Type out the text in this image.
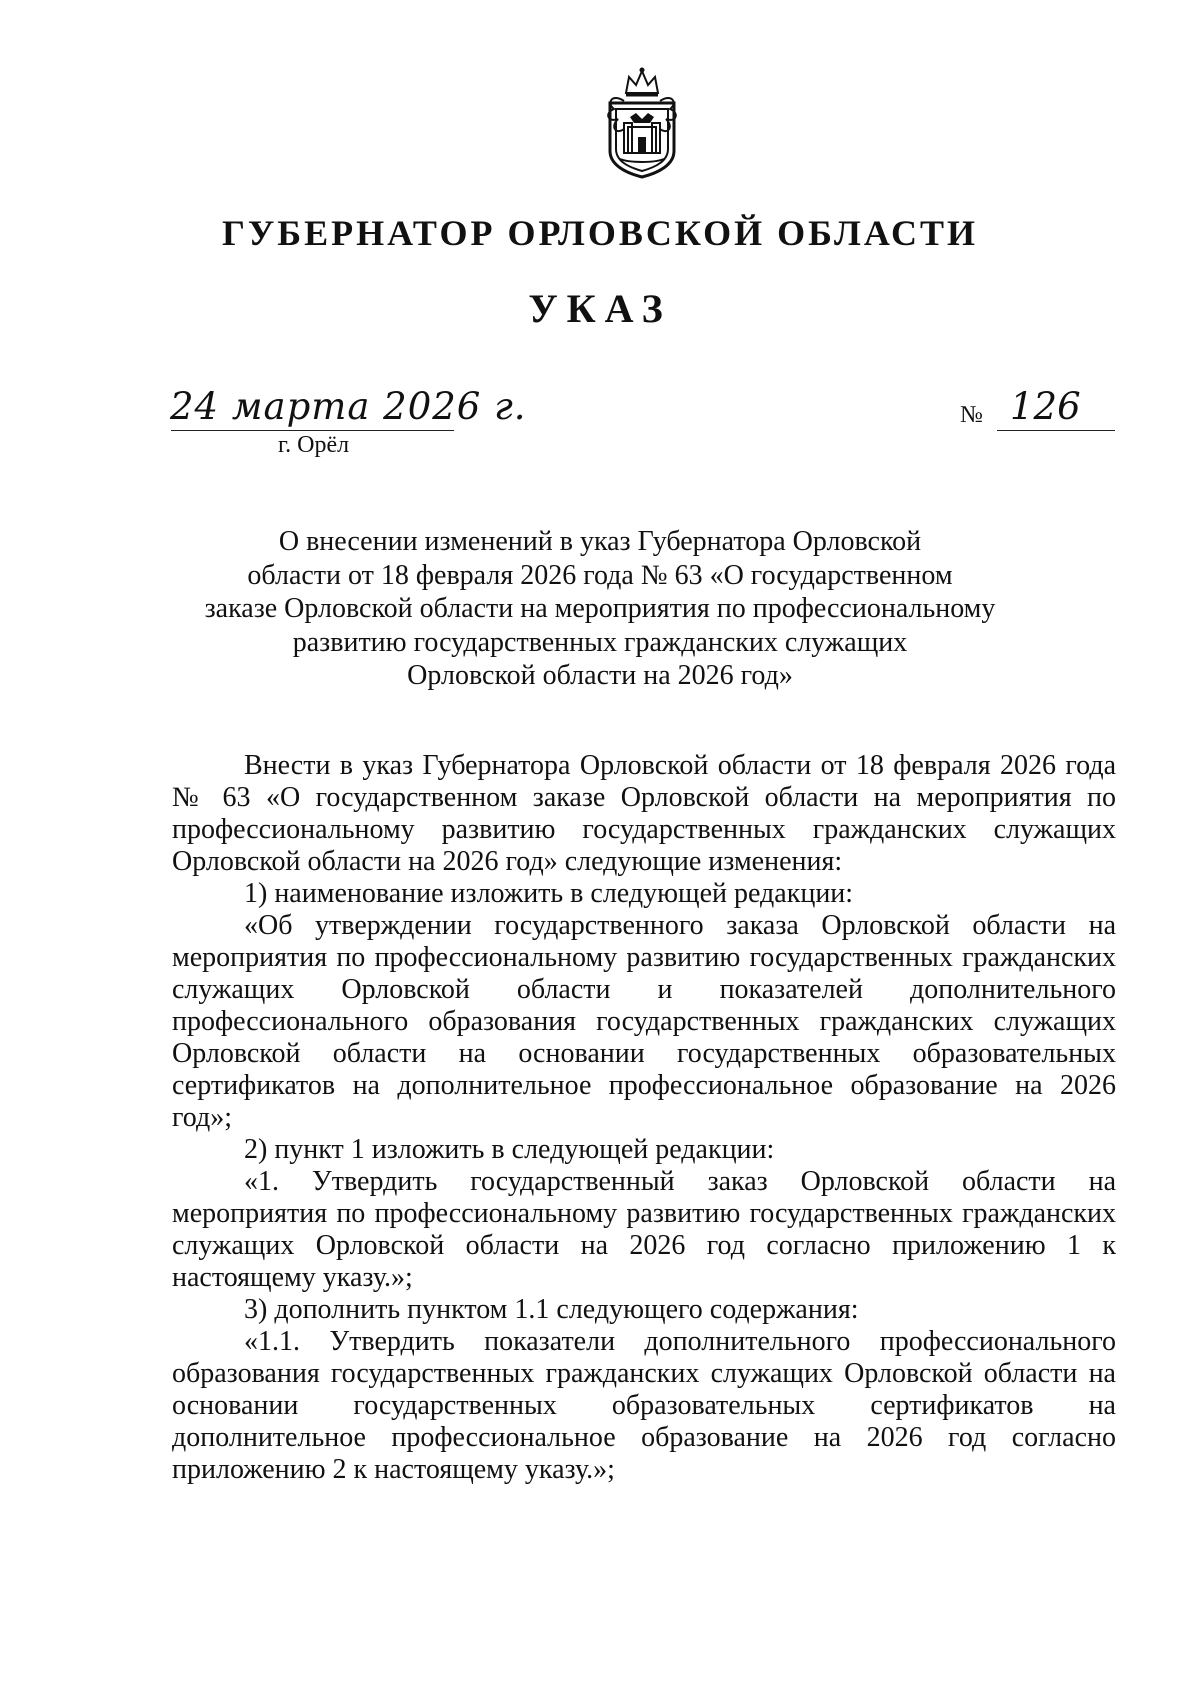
ГУБЕРНАТОР ОРЛОВСКОЙ ОБЛАСТИ
УКАЗ
24 марта 2026 г.
г. Орёл
№ 126
О внесении изменений в указ Губернатора Орловской
области от 18 февраля 2026 года № 63 «О государственном
заказе Орловской области на мероприятия по профессиональному
развитию государственных гражданских служащих
Орловской области на 2026 год»

Внести в указ Губернатора Орловской области от 18 февраля 2026 года № 63 «О государственном заказе Орловской области на мероприятия по профессиональному развитию государственных гражданских служащих Орловской области на 2026 год» следующие изменения:

1) наименование изложить в следующей редакции:

«Об утверждении государственного заказа Орловской области на мероприятия по профессиональному развитию государственных гражданских служащих Орловской области и показателей дополнительного профессионального образования государственных гражданских служащих Орловской области на основании государственных образовательных сертификатов на дополнительное профессиональное образование на 2026 год»;

2) пункт 1 изложить в следующей редакции:

«1. Утвердить государственный заказ Орловской области на мероприятия по профессиональному развитию государственных гражданских служащих Орловской области на 2026 год согласно приложению 1 к настоящему указу.»;

3) дополнить пунктом 1.1 следующего содержания:

«1.1. Утвердить показатели дополнительного профессионального образования государственных гражданских служащих Орловской области на основании государственных образовательных сертификатов на дополнительное профессиональное образование на 2026 год согласно приложению 2 к настоящему указу.»;
